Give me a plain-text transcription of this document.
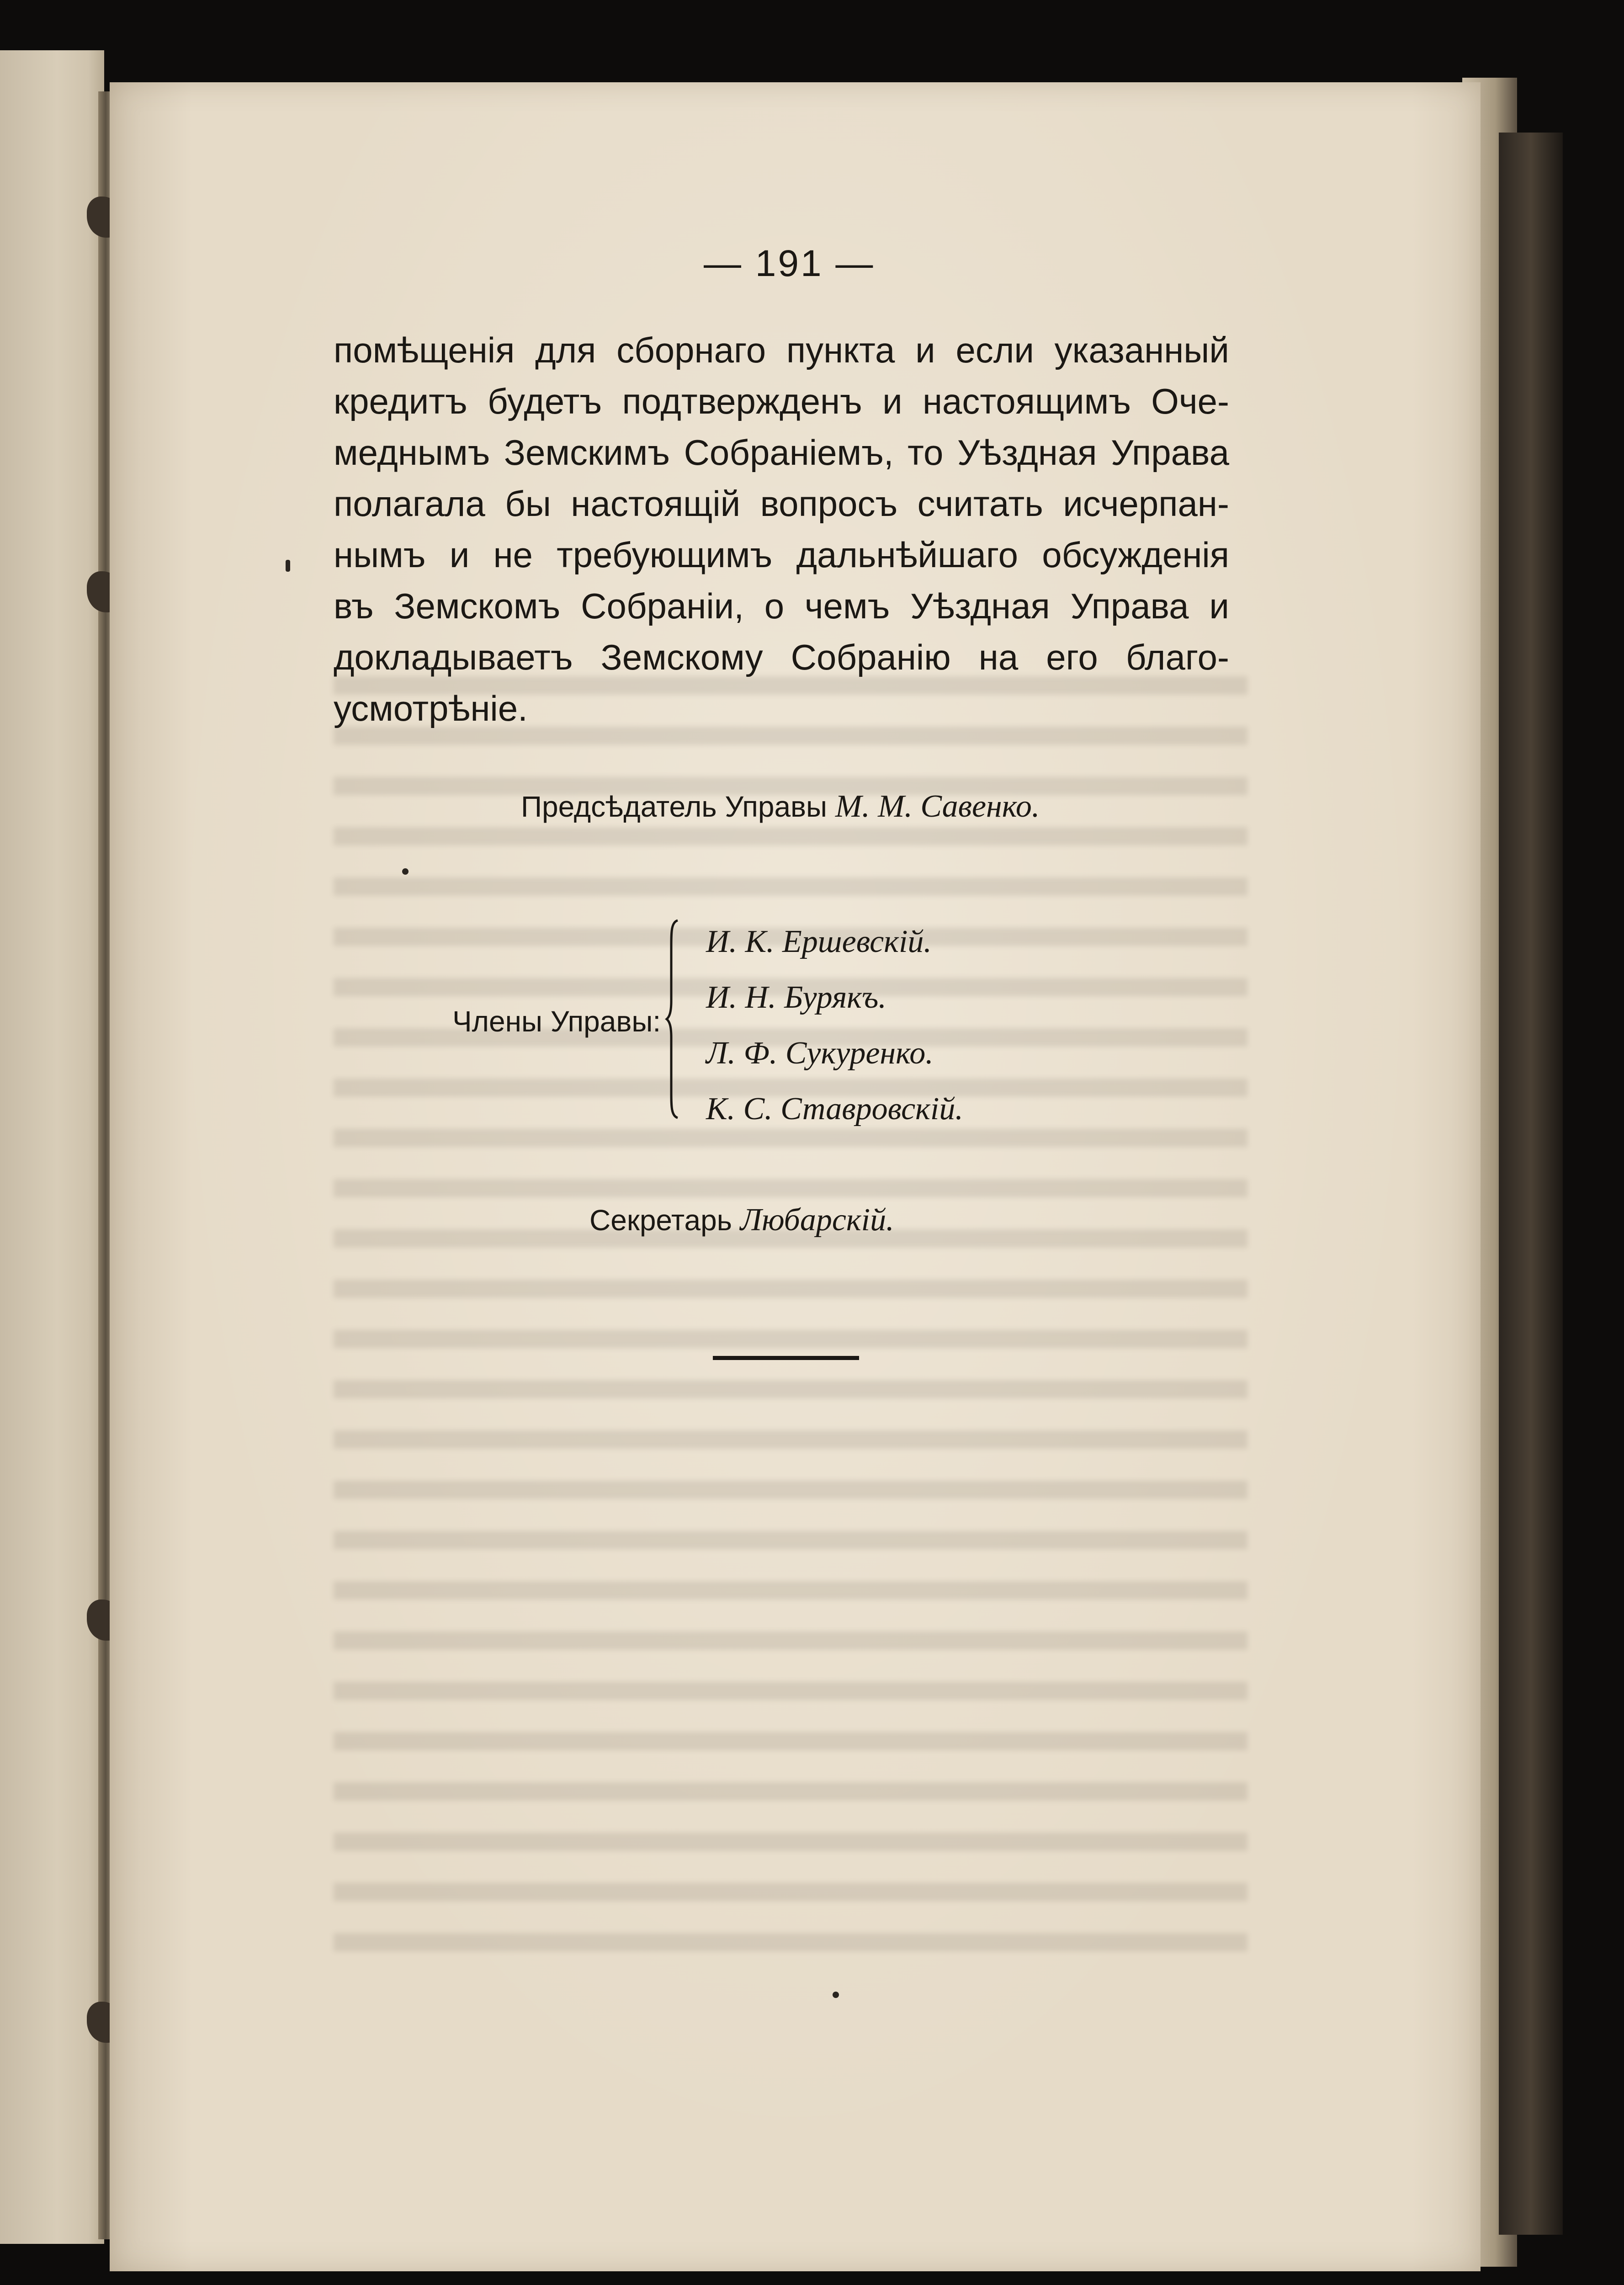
— 191 —
помѣщенія для сборнаго пункта и если указанный
кредитъ будетъ подтвержденъ и настоящимъ Оче-
меднымъ Земскимъ Собраніемъ, то Уѣздная Управа
полагала бы настоящій вопросъ считать исчерпан-
нымъ и не требующимъ дальнѣйшаго обсужденія
въ Земскомъ Собраніи, о чемъ Уѣздная Управа и
докладываетъ Земскому Собранію на его благо-
усмотрѣніе.
Предсѣдатель Управы М. М. Савенко.
Члены Управы:
И. К. Ершевскій.
И. Н. Бурякъ.
Л. Ф. Сукуренко.
К. С. Ставровскій.
Секретарь Любарскій.
